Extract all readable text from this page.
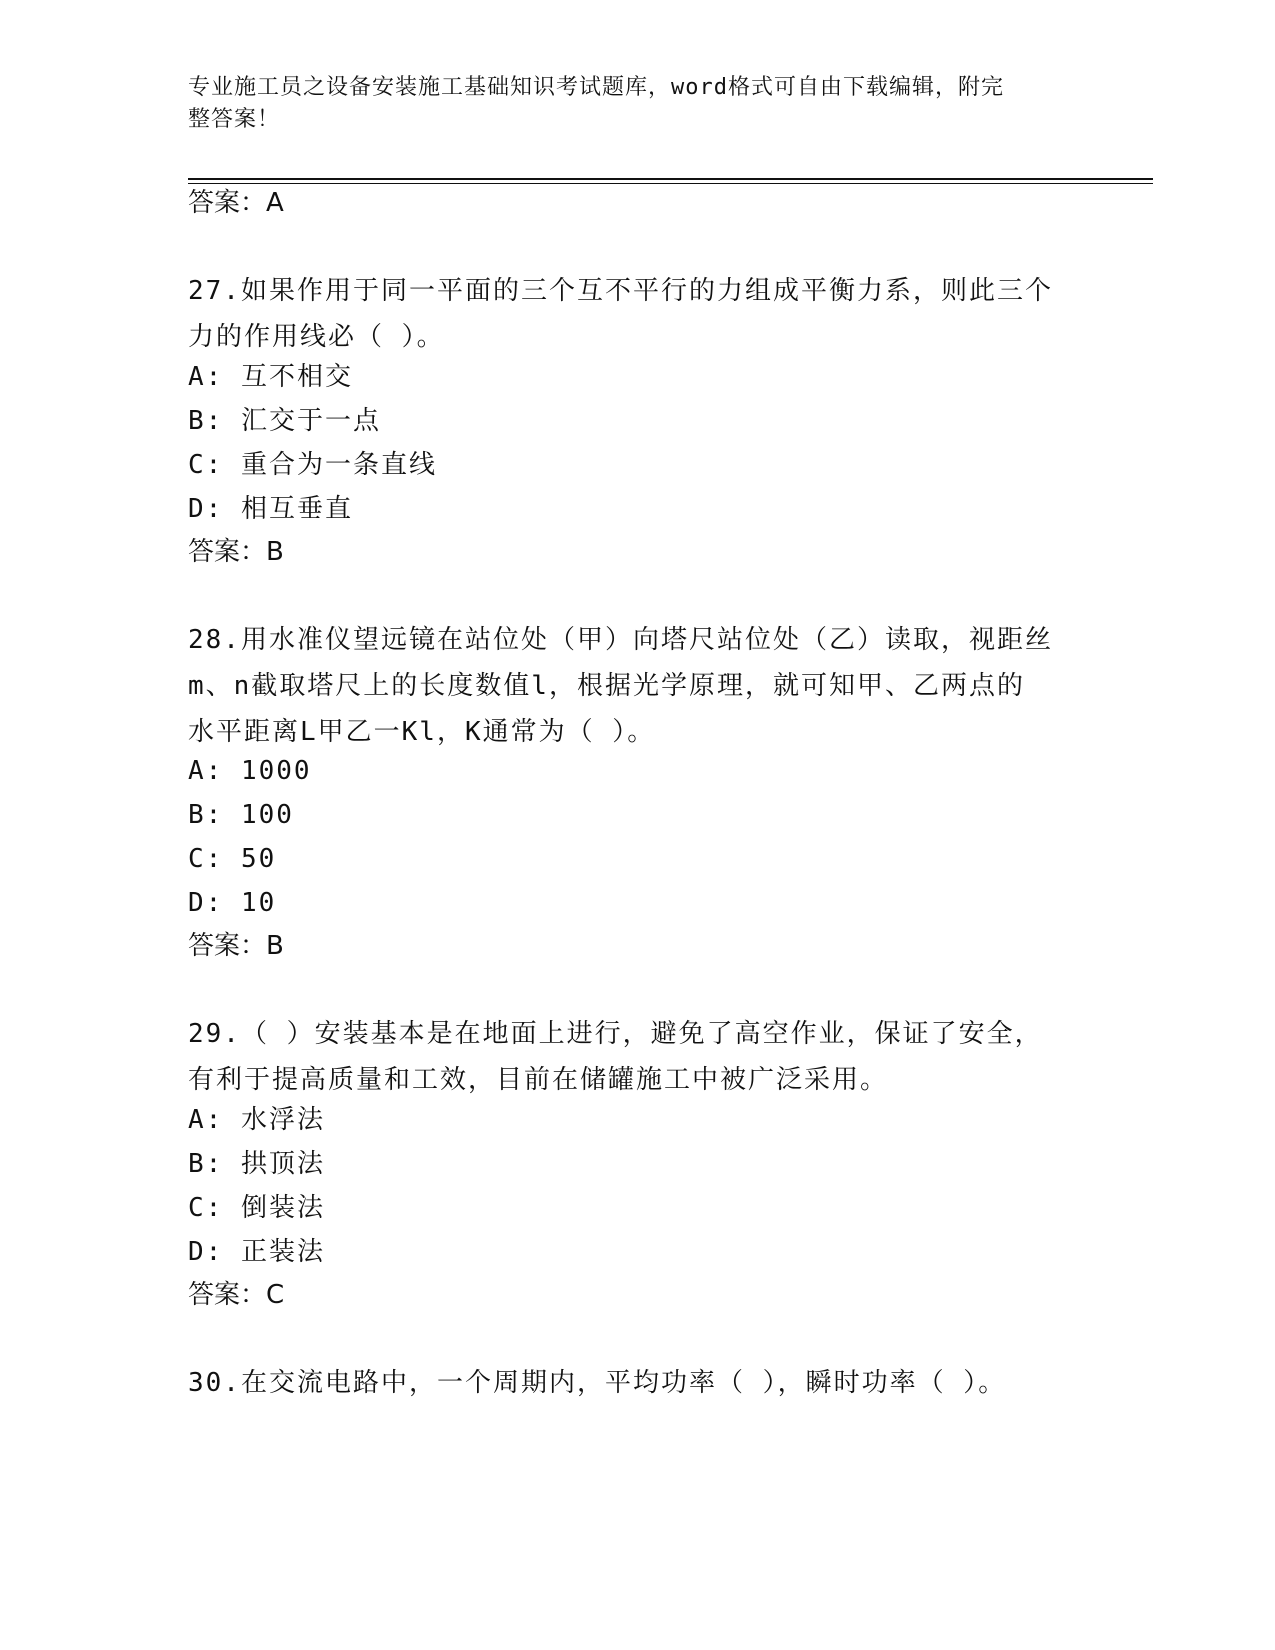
专业施工员之设备安装施工基础知识考试题库，word格式可自由下载编辑，附完
整答案！
答案：A
27.如果作用于同一平面的三个互不平行的力组成平衡力系，则此三个
力的作用线必（ ）。
A: 互不相交
B: 汇交于一点
C: 重合为一条直线
D: 相互垂直
答案：B
28.用水准仪望远镜在站位处（甲）向塔尺站位处（乙）读取，视距丝
m、n截取塔尺上的长度数值l，根据光学原理，就可知甲、乙两点的
水平距离L甲乙一Kl，K通常为（ ）。
A: 1000
B: 100
C: 50
D: 10
答案：B
29.（ ）安装基本是在地面上进行，避免了高空作业，保证了安全，
有利于提高质量和工效，目前在储罐施工中被广泛采用。
A: 水浮法
B: 拱顶法
C: 倒装法
D: 正装法
答案：C
30.在交流电路中，一个周期内，平均功率（ ），瞬时功率（ ）。
